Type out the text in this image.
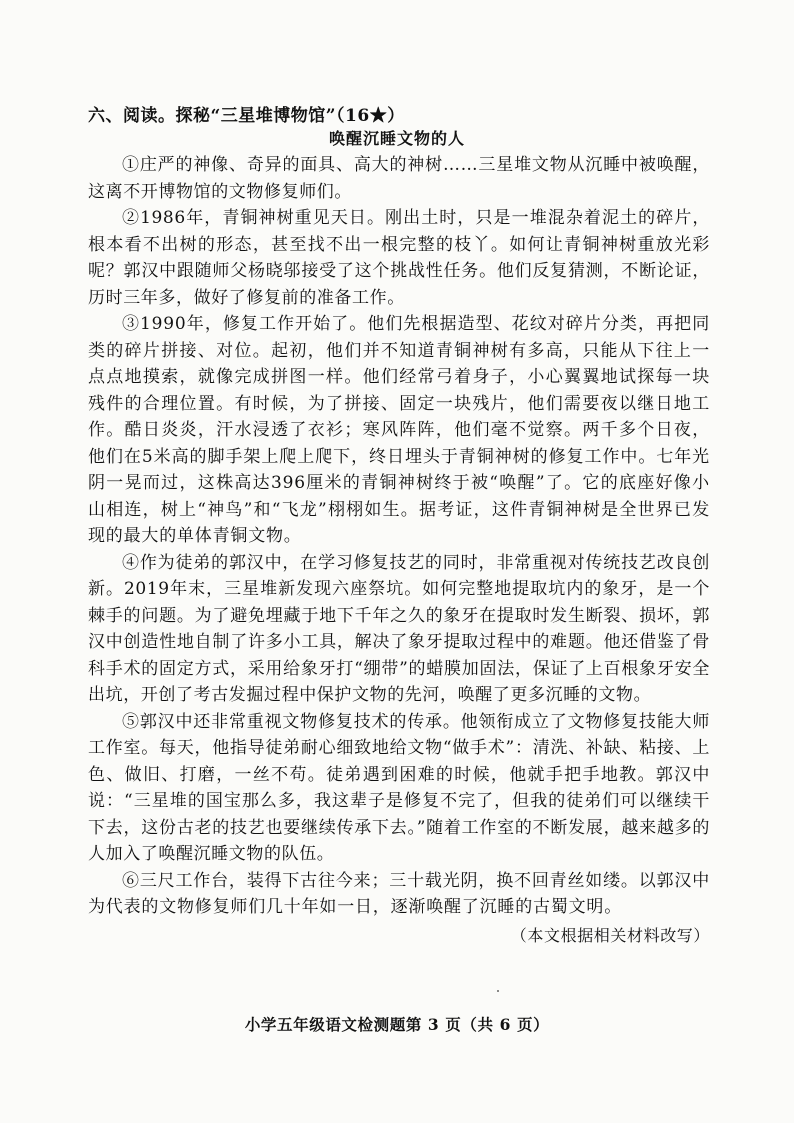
六、阅读。探秘“三星堆博物馆”（16★）
唤醒沉睡文物的人

①庄严的神像、奇异的面具、高大的神树……三星堆文物从沉睡中被唤醒，这离不开博物馆的文物修复师们。

②1986年，青铜神树重见天日。刚出土时，只是一堆混杂着泥土的碎片，根本看不出树的形态，甚至找不出一根完整的枝丫。如何让青铜神树重放光彩呢？郭汉中跟随师父杨晓邬接受了这个挑战性任务。他们反复猜测，不断论证，历时三年多，做好了修复前的准备工作。

③1990年，修复工作开始了。他们先根据造型、花纹对碎片分类，再把同类的碎片拼接、对位。起初，他们并不知道青铜神树有多高，只能从下往上一点点地摸索，就像完成拼图一样。他们经常弓着身子，小心翼翼地试探每一块残件的合理位置。有时候，为了拼接、固定一块残片，他们需要夜以继日地工作。酷日炎炎，汗水浸透了衣衫；寒风阵阵，他们毫不觉察。两千多个日夜，他们在5米高的脚手架上爬上爬下，终日埋头于青铜神树的修复工作中。七年光阴一晃而过，这株高达396厘米的青铜神树终于被“唤醒”了。它的底座好像小山相连，树上“神鸟”和“飞龙”栩栩如生。据考证，这件青铜神树是全世界已发现的最大的单体青铜文物。

④作为徒弟的郭汉中，在学习修复技艺的同时，非常重视对传统技艺改良创新。2019年末，三星堆新发现六座祭坑。如何完整地提取坑内的象牙，是一个棘手的问题。为了避免埋藏于地下千年之久的象牙在提取时发生断裂、损坏，郭汉中创造性地自制了许多小工具，解决了象牙提取过程中的难题。他还借鉴了骨科手术的固定方式，采用给象牙打“绷带”的蜡膜加固法，保证了上百根象牙安全出坑，开创了考古发掘过程中保护文物的先河，唤醒了更多沉睡的文物。

⑤郭汉中还非常重视文物修复技术的传承。他领衔成立了文物修复技能大师工作室。每天，他指导徒弟耐心细致地给文物“做手术”：清洗、补缺、粘接、上色、做旧、打磨，一丝不苟。徒弟遇到困难的时候，他就手把手地教。郭汉中说：“三星堆的国宝那么多，我这辈子是修复不完了，但我的徒弟们可以继续干下去，这份古老的技艺也要继续传承下去。”随着工作室的不断发展，越来越多的人加入了唤醒沉睡文物的队伍。

⑥三尺工作台，装得下古往今来；三十载光阴，换不回青丝如缕。以郭汉中为代表的文物修复师们几十年如一日，逐渐唤醒了沉睡的古蜀文明。

（本文根据相关材料改写）

小学五年级语文检测题第 3 页（共 6 页）
